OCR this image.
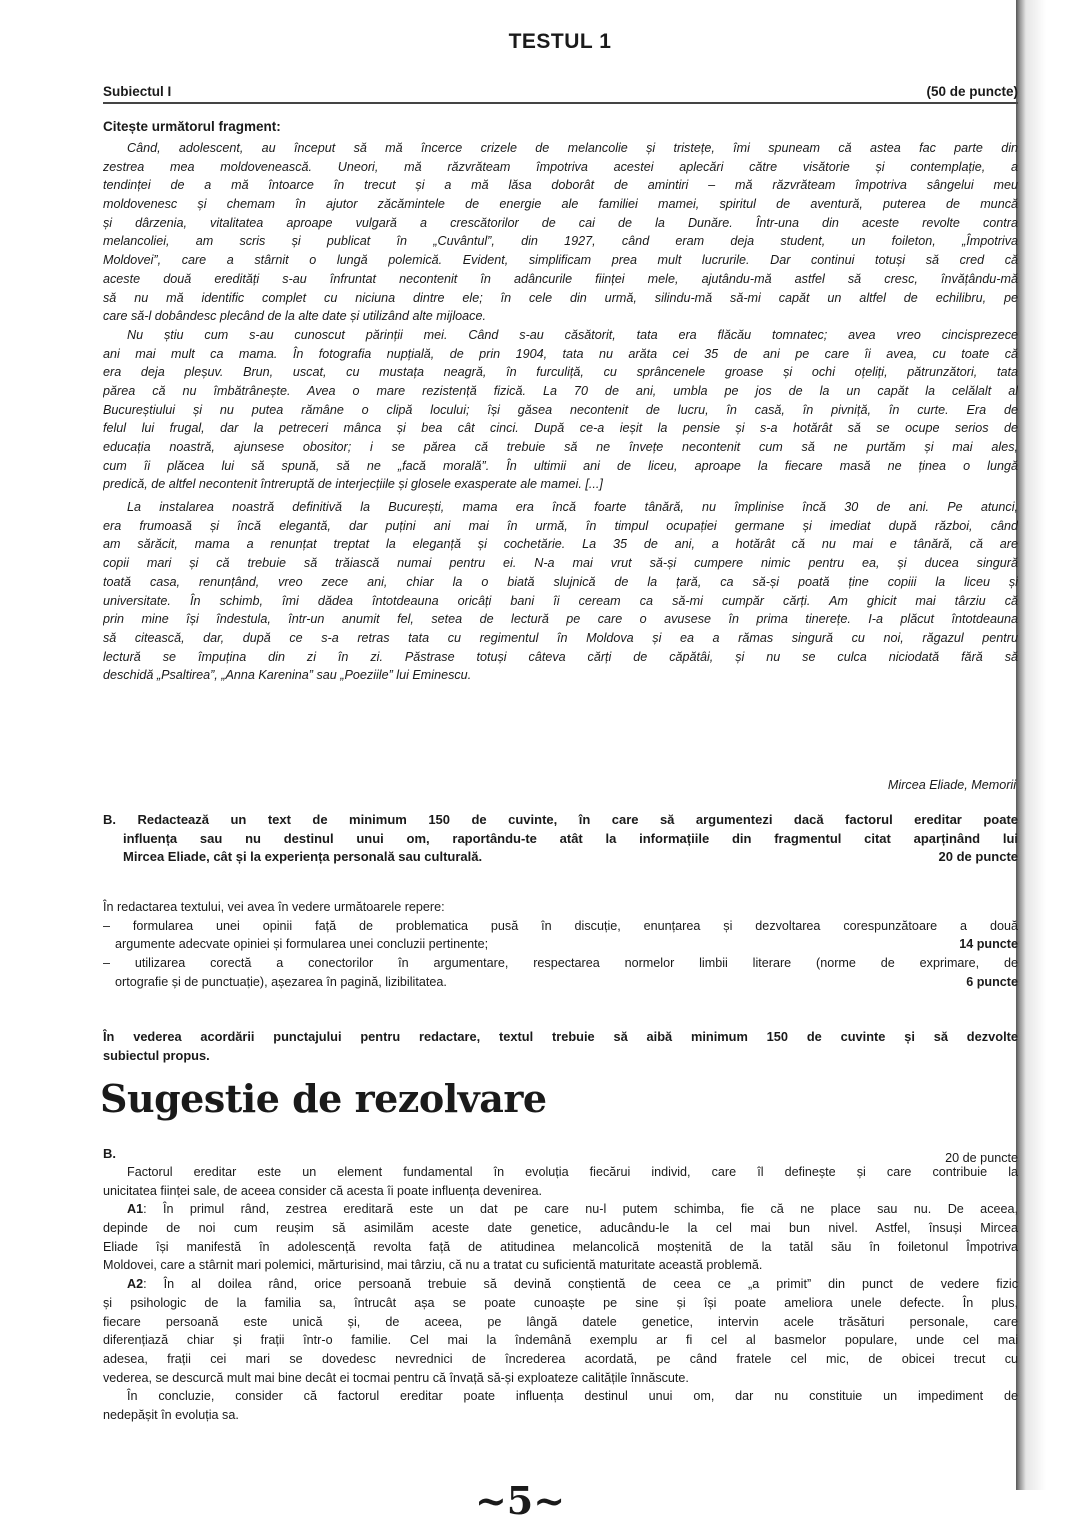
TESTUL 1
Subiectul I	(50 de puncte)
Citește următorul fragment:
Când, adolescent, au început să mă încerce crizele de melancolie și tristețe, îmi spuneam că astea fac parte din
zestrea mea moldovenească. Uneori, mă răzvrăteam împotriva acestei aplecări către visătorie și contemplație, a
tendinței de a mă întoarce în trecut și a mă lăsa doborât de amintiri – mă răzvrăteam împotriva sângelui meu
moldovenesc și chemam în ajutor zăcămintele de energie ale familiei mamei, spiritul de aventură, puterea de muncă
și dârzenia, vitalitatea aproape vulgară a crescătorilor de cai de la Dunăre. Într-una din aceste revolte contra
melancoliei, am scris și publicat în „Cuvântul”, din 1927, când eram deja student, un foileton, „Împotriva
Moldovei”, care a stârnit o lungă polemică. Evident, simplificam prea mult lucrurile. Dar continui totuși să cred că
aceste două eredități s-au înfruntat necontenit în adâncurile ființei mele, ajutându-mă astfel să cresc, învățându-mă
să nu mă identific complet cu niciuna dintre ele; în cele din urmă, silindu-mă să-mi capăt un altfel de echilibru, pe
care să-l dobândesc plecând de la alte date și utilizând alte mijloace.
Nu știu cum s-au cunoscut părinții mei. Când s-au căsătorit, tata era flăcău tomnatec; avea vreo cincisprezece
ani mai mult ca mama. În fotografia nupțială, de prin 1904, tata nu arăta cei 35 de ani pe care îi avea, cu toate că
era deja pleșuv. Brun, uscat, cu mustața neagră, în furculiță, cu sprâncenele groase și ochi oțeliți, pătrunzători, tata
părea că nu îmbătrânește. Avea o mare rezistență fizică. La 70 de ani, umbla pe jos de la un capăt la celălalt al
Bucureștiului și nu putea rămâne o clipă locului; își găsea necontenit de lucru, în casă, în pivniță, în curte. Era de
felul lui frugal, dar la petreceri mânca și bea cât cinci. După ce-a ieșit la pensie și s-a hotărât să se ocupe serios de
educația noastră, ajunsese obositor; i se părea că trebuie să ne învețe necontenit cum să ne purtăm și mai ales,
cum îi plăcea lui să spună, să ne „facă morală”. În ultimii ani de liceu, aproape la fiecare masă ne ținea o lungă
predică, de altfel necontenit întreruptă de interjecțiile și glosele exasperate ale mamei. [...]
La instalarea noastră definitivă la București, mama era încă foarte tânără, nu împlinise încă 30 de ani. Pe atunci,
era frumoasă și încă elegantă, dar puțini ani mai în urmă, în timpul ocupației germane și imediat după război, când
am sărăcit, mama a renunțat treptat la eleganță și cochetărie. La 35 de ani, a hotărât că nu mai e tânără, că are
copii mari și că trebuie să trăiască numai pentru ei. N-a mai vrut să-și cumpere nimic pentru ea, și ducea singură
toată casa, renunțând, vreo zece ani, chiar la o biată slujnică de la țară, ca să-și poată ține copiii la liceu și
universitate. În schimb, îmi dădea întotdeauna oricâți bani îi ceream ca să-mi cumpăr cărți. Am ghicit mai târziu că
prin mine își îndestula, într-un anumit fel, setea de lectură pe care o avusese în prima tinerețe. I-a plăcut întotdeauna
să citească, dar, după ce s-a retras tata cu regimentul în Moldova și ea a rămas singură cu noi, răgazul pentru
lectură se împuțina din zi în zi. Păstrase totuși câteva cărți de căpătâi, și nu se culca niciodată fără să
deschidă „Psaltirea”, „Anna Karenina” sau „Poeziile” lui Eminescu.
Mircea Eliade, Memorii
B. Redactează un text de minimum 150 de cuvinte, în care să argumentezi dacă factorul ereditar poate
influența sau nu destinul unui om, raportându-te atât la informațiile din fragmentul citat aparținând lui
Mircea Eliade, cât și la experiența personală sau culturală.	20 de puncte
În redactarea textului, vei avea în vedere următoarele repere:
– formularea unei opinii față de problematica pusă în discuție, enunțarea și dezvoltarea corespunzătoare a două
argumente adecvate opiniei și formularea unei concluzii pertinente;	14 puncte
– utilizarea corectă a conectorilor în argumentare, respectarea normelor limbii literare (norme de exprimare, de
ortografie și de punctuație), așezarea în pagină, lizibilitatea.	6 puncte
În vederea acordării punctajului pentru redactare, textul trebuie să aibă minimum 150 de cuvinte și să dezvolte
subiectul propus.
Sugestie de rezolvare
B.	20 de puncte
Factorul ereditar este un element fundamental în evoluția fiecărui individ, care îl definește și care contribuie la
unicitatea ființei sale, de aceea consider că acesta îi poate influența devenirea.
A1: În primul rând, zestrea ereditară este un dat pe care nu-l putem schimba, fie că ne place sau nu. De aceea,
depinde de noi cum reușim să asimilăm aceste date genetice, aducându-le la cel mai bun nivel. Astfel, însuși Mircea
Eliade își manifestă în adolescență revolta față de atitudinea melancolică moștenită de la tatăl său în foiletonul Împotriva
Moldovei, care a stârnit mari polemici, mărturisind, mai târziu, că nu a tratat cu suficientă maturitate această problemă.
A2: În al doilea rând, orice persoană trebuie să devină conștientă de ceea ce „a primit” din punct de vedere fizic
și psihologic de la familia sa, întrucât așa se poate cunoaște pe sine și își poate ameliora unele defecte. În plus,
fiecare persoană este unică și, de aceea, pe lângă datele genetice, intervin acele trăsături personale, care
diferențiază chiar și frații într-o familie. Cel mai la îndemână exemplu ar fi cel al basmelor populare, unde cel mai
adesea, frații cei mari se dovedesc nevrednici de încrederea acordată, pe când fratele cel mic, de obicei trecut cu
vederea, se descurcă mult mai bine decât ei tocmai pentru că învață să-și exploateze calitățile înnăscute.
În concluzie, consider că factorul ereditar poate influența destinul unui om, dar nu constituie un impediment de
nedepășit în evoluția sa.
~5~
